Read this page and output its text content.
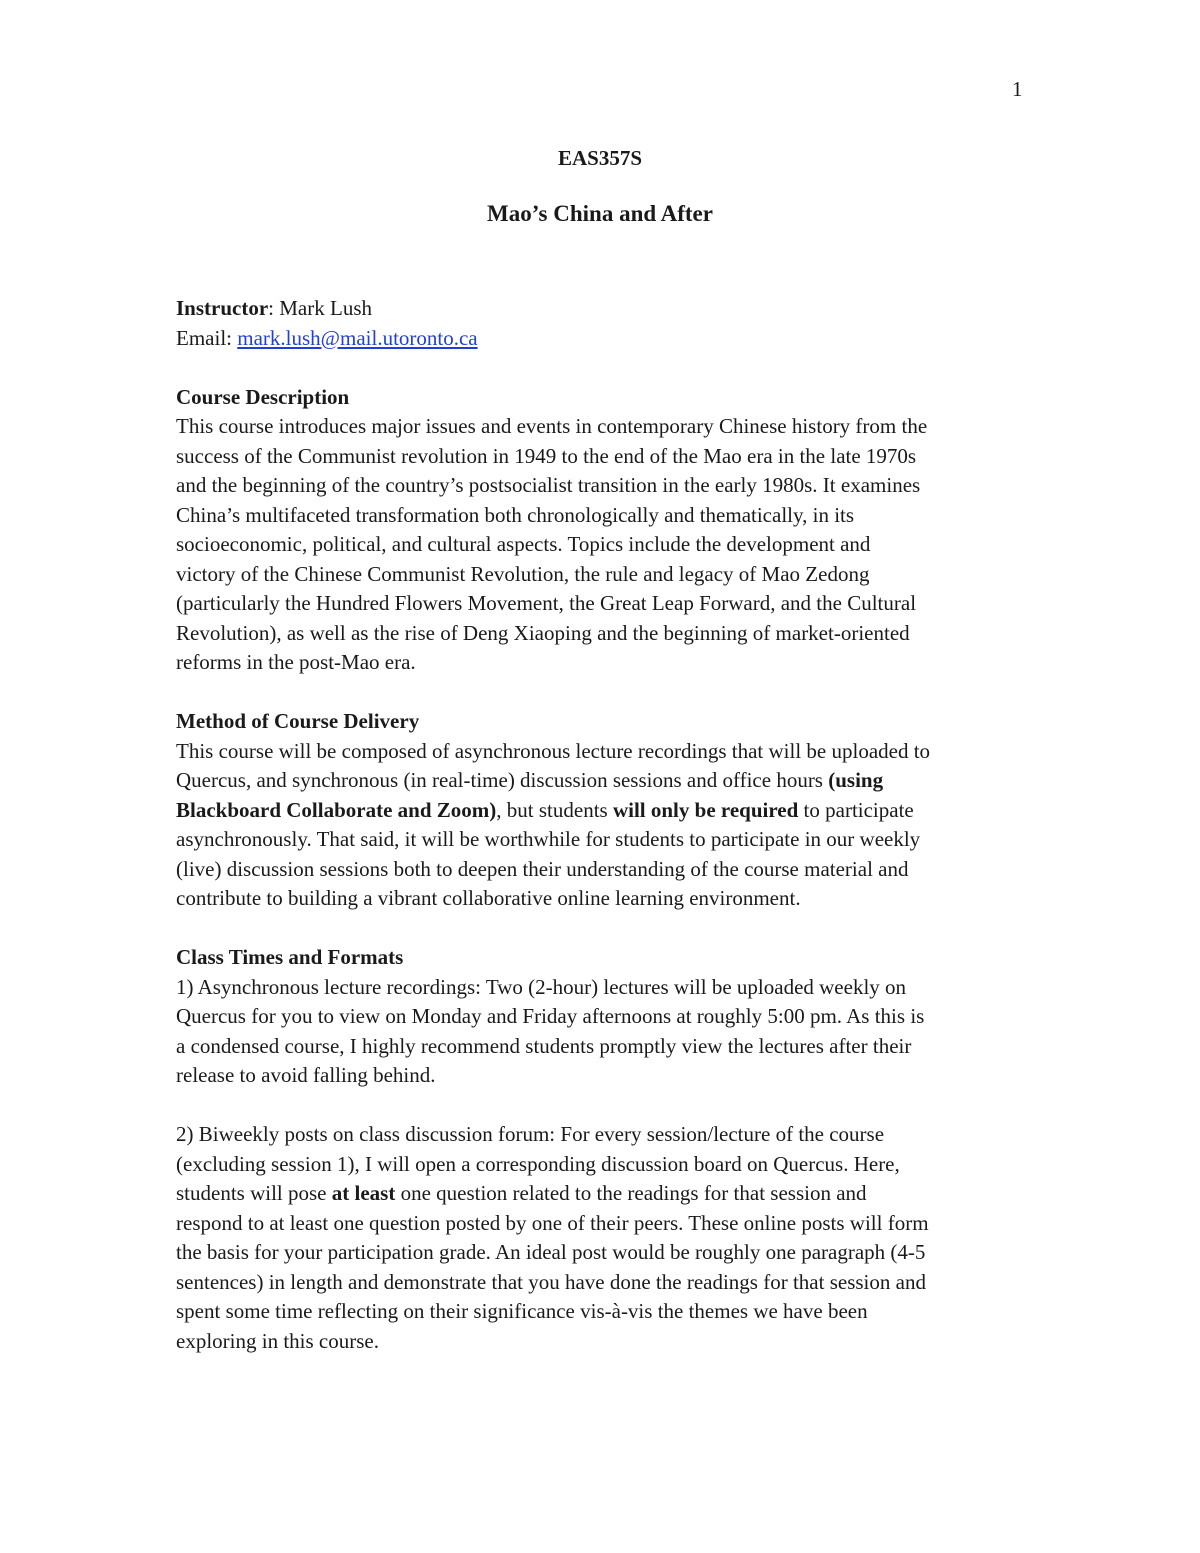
1
EAS357S
Mao’s China and After

Instructor: Mark Lush

Email: mark.lush@mail.utoronto.ca

Course Description

This course introduces major issues and events in contemporary Chinese history from the
success of the Communist revolution in 1949 to the end of the Mao era in the late 1970s
and the beginning of the country’s postsocialist transition in the early 1980s. It examines
China’s multifaceted transformation both chronologically and thematically, in its
socioeconomic, political, and cultural aspects. Topics include the development and
victory of the Chinese Communist Revolution, the rule and legacy of Mao Zedong
(particularly the Hundred Flowers Movement, the Great Leap Forward, and the Cultural
Revolution), as well as the rise of Deng Xiaoping and the beginning of market-oriented
reforms in the post-Mao era.

Method of Course Delivery

This course will be composed of asynchronous lecture recordings that will be uploaded to
Quercus, and synchronous (in real-time) discussion sessions and office hours (using
Blackboard Collaborate and Zoom), but students will only be required to participate
asynchronously. That said, it will be worthwhile for students to participate in our weekly
(live) discussion sessions both to deepen their understanding of the course material and
contribute to building a vibrant collaborative online learning environment.

Class Times and Formats

1) Asynchronous lecture recordings: Two (2-hour) lectures will be uploaded weekly on
Quercus for you to view on Monday and Friday afternoons at roughly 5:00 pm. As this is
a condensed course, I highly recommend students promptly view the lectures after their
release to avoid falling behind.
2) Biweekly posts on class discussion forum: For every session/lecture of the course
(excluding session 1), I will open a corresponding discussion board on Quercus. Here,
students will pose at least one question related to the readings for that session and
respond to at least one question posted by one of their peers. These online posts will form
the basis for your participation grade. An ideal post would be roughly one paragraph (4-5
sentences) in length and demonstrate that you have done the readings for that session and
spent some time reflecting on their significance vis-à-vis the themes we have been
exploring in this course.
